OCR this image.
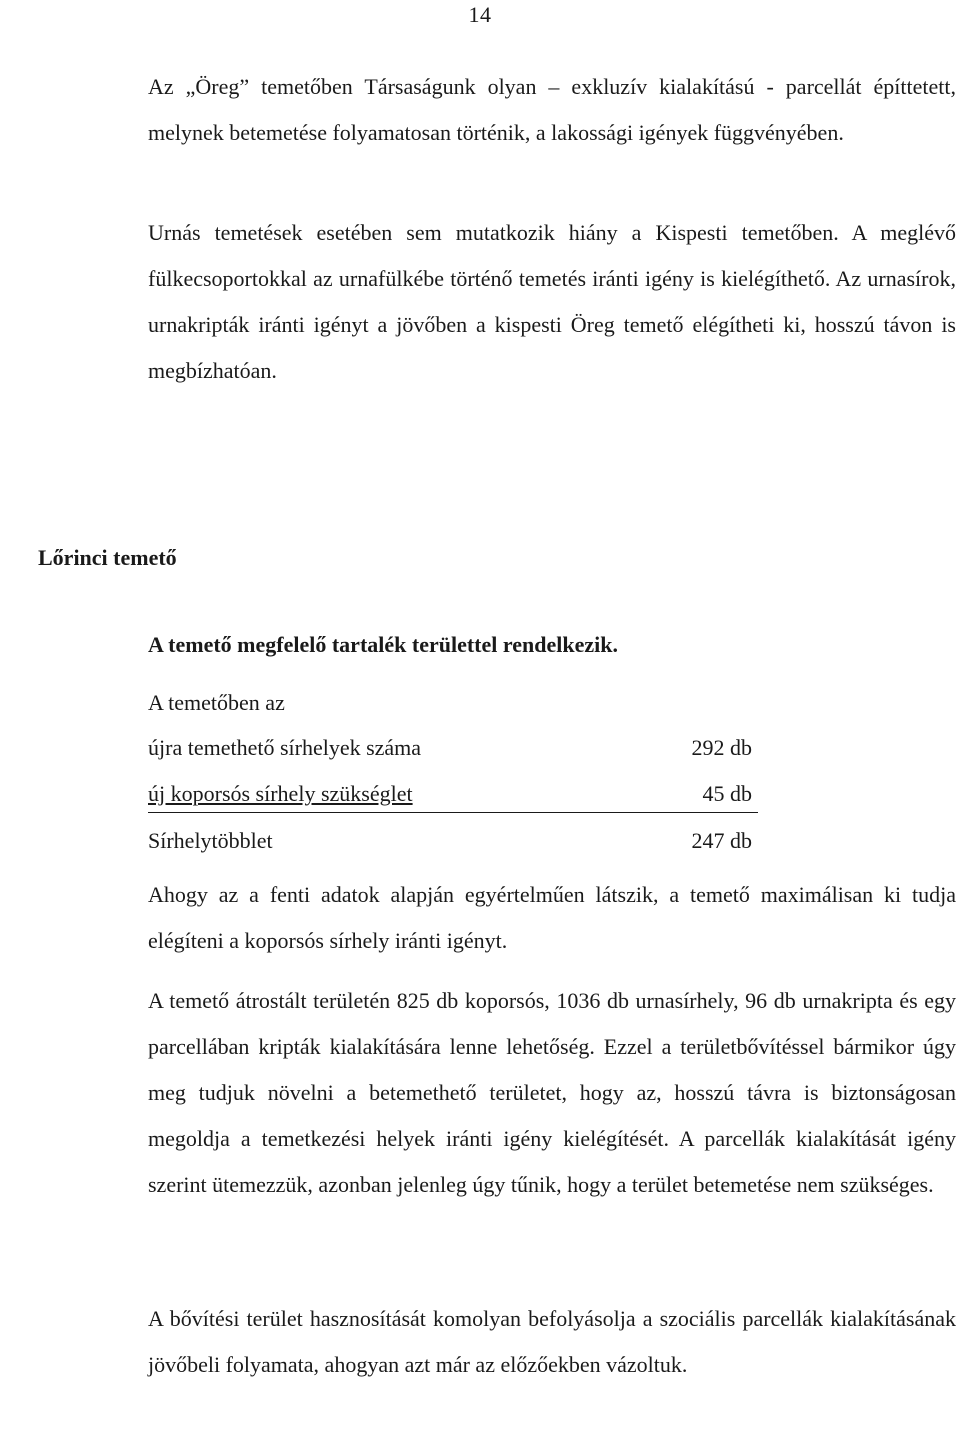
14

Az „Öreg” temetőben Társaságunk olyan – exkluzív kialakítású - parcellát építtetett, melynek betemetése folyamatosan történik, a lakossági igények függvényében.

Urnás temetések esetében sem mutatkozik hiány a Kispesti temetőben. A meglévő fülkecsoportokkal az urnafülkébe történő temetés iránti igény is kielégíthető. Az urnasírok, urnakripták iránti igényt a jövőben a kispesti Öreg temető elégítheti ki, hosszú távon is megbízhatóan.

Lőrinci temető

A temető megfelelő tartalék területtel rendelkezik.

A temetőben az

újra temethető sírhelyek száma	292 db
új koporsós sírhely szükséglet	45 db
Sírhelytöbblet	247 db

Ahogy az a fenti adatok alapján egyértelműen látszik, a temető maximálisan ki tudja elégíteni a koporsós sírhely iránti igényt.

A temető átrostált területén 825 db koporsós, 1036 db urnasírhely, 96 db urnakripta és egy parcellában kripták kialakítására lenne lehetőség. Ezzel a területbővítéssel bármikor úgy meg tudjuk növelni a betemethető területet, hogy az, hosszú távra is biztonságosan megoldja a temetkezési helyek iránti igény kielégítését. A parcellák kialakítását igény szerint ütemezzük, azonban jelenleg úgy tűnik, hogy a terület betemetése nem szükséges.

A bővítési terület hasznosítását komolyan befolyásolja a szociális parcellák kialakításának jövőbeli folyamata, ahogyan azt már az előzőekben vázoltuk.
